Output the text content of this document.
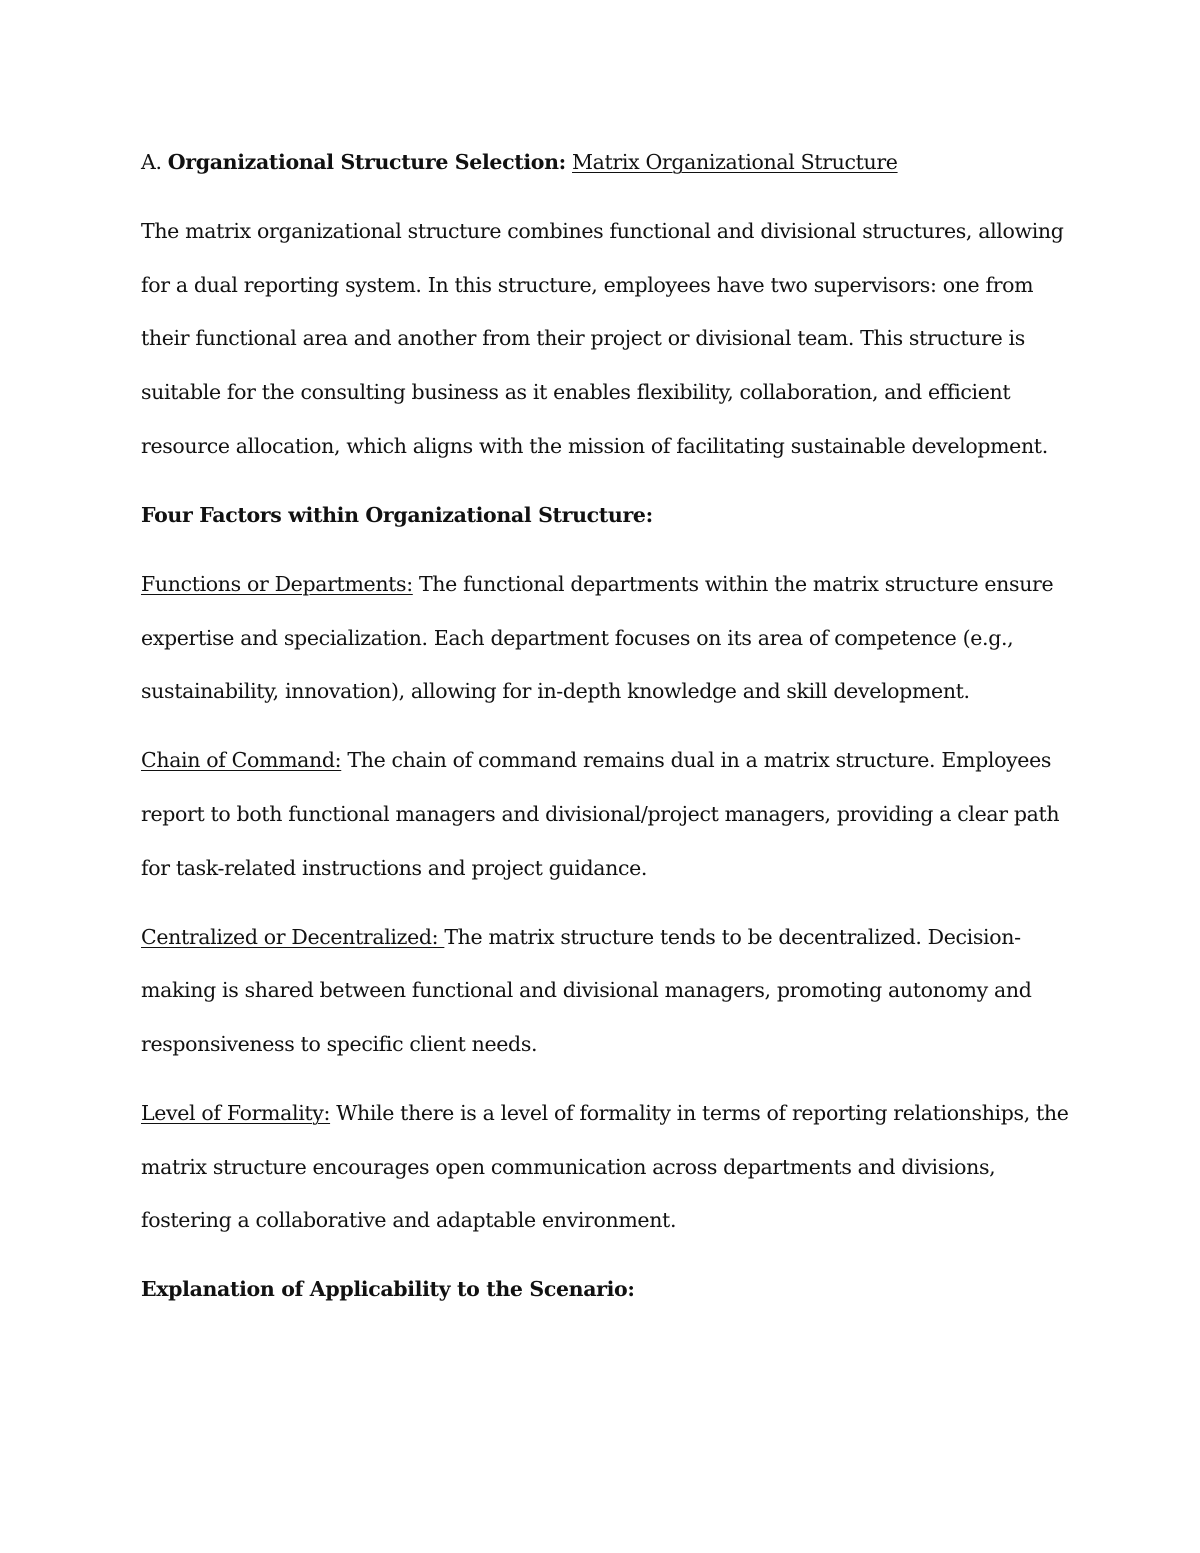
A. Organizational Structure Selection: Matrix Organizational Structure

The matrix organizational structure combines functional and divisional structures, allowing for a dual reporting system. In this structure, employees have two supervisors: one from their functional area and another from their project or divisional team. This structure is suitable for the consulting business as it enables flexibility, collaboration, and efficient resource allocation, which aligns with the mission of facilitating sustainable development.

Four Factors within Organizational Structure:

Functions or Departments: The functional departments within the matrix structure ensure expertise and specialization. Each department focuses on its area of competence (e.g., sustainability, innovation), allowing for in-depth knowledge and skill development.

Chain of Command: The chain of command remains dual in a matrix structure. Employees report to both functional managers and divisional/project managers, providing a clear path for task-related instructions and project guidance.

Centralized or Decentralized: The matrix structure tends to be decentralized. Decision-making is shared between functional and divisional managers, promoting autonomy and responsiveness to specific client needs.

Level of Formality: While there is a level of formality in terms of reporting relationships, the matrix structure encourages open communication across departments and divisions, fostering a collaborative and adaptable environment.

Explanation of Applicability to the Scenario:
